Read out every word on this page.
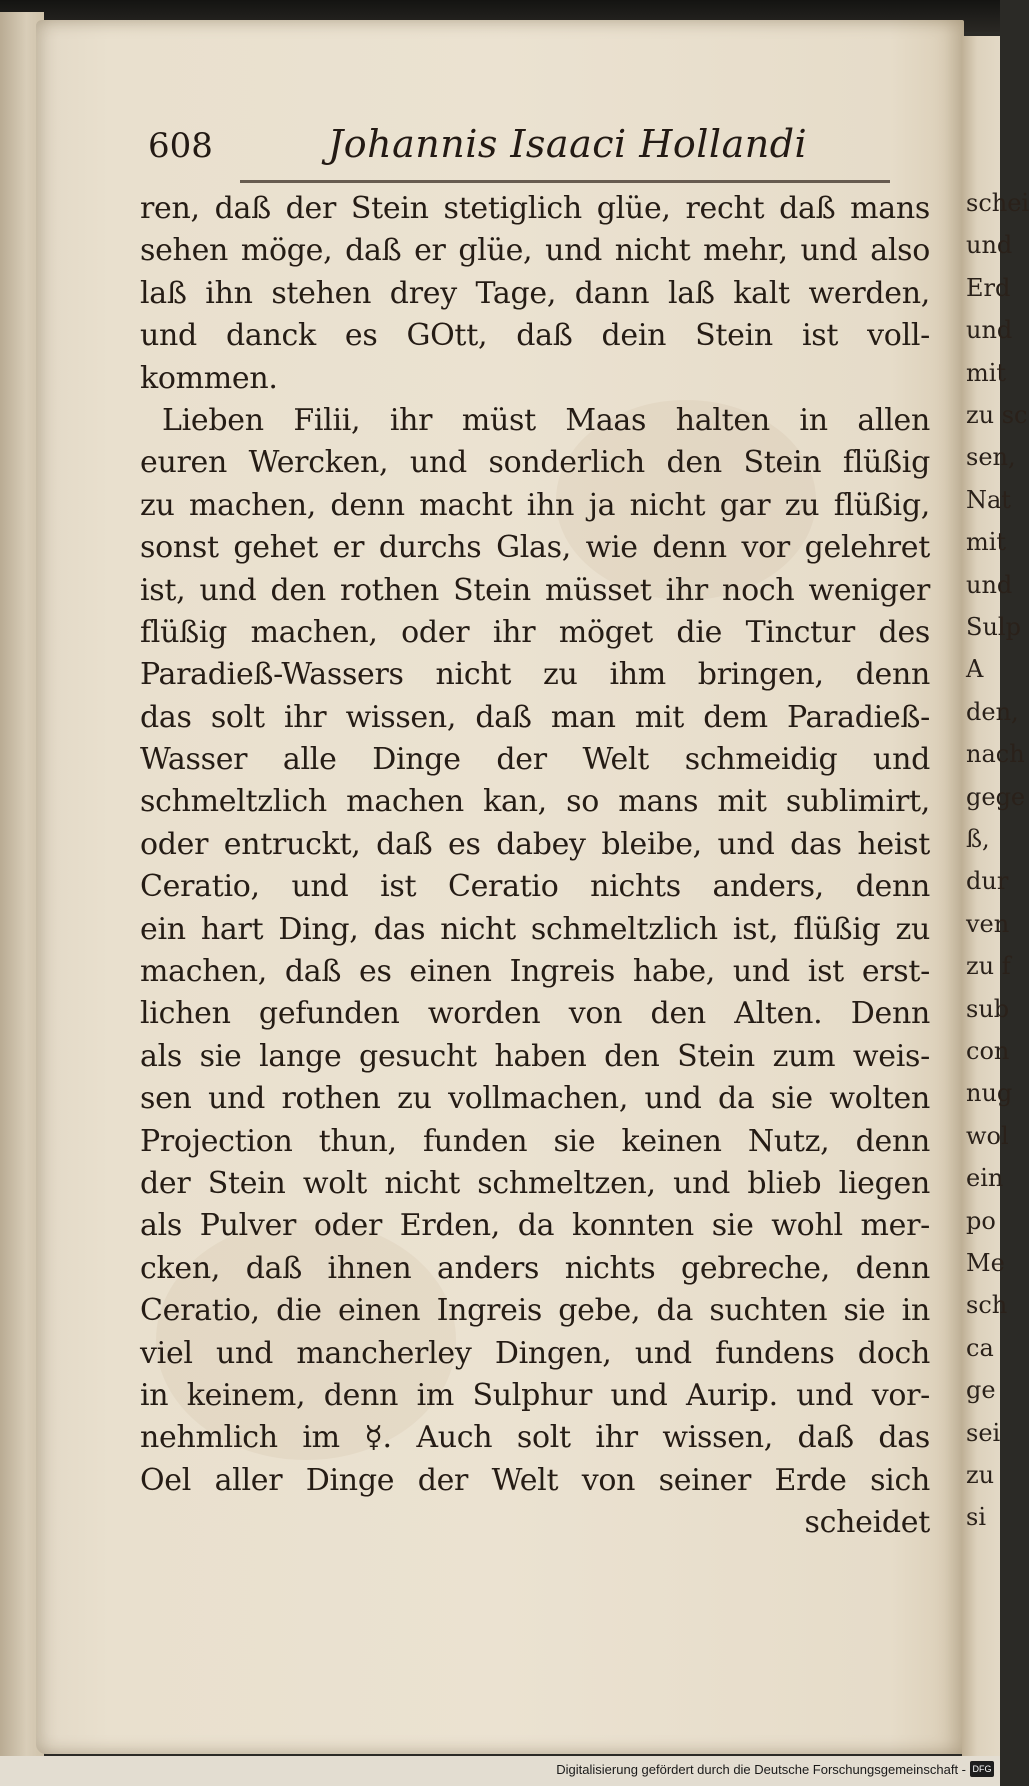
schei
und
Erd
und
mit
zu sc
sen,
Nat
mit
und
Sulp
A
den,
nach
gege
ß,
dur
ven
zu f
sub
con
nug
wol
ein
po
Me
sch
ca
ge
sei
zu
si
608	Johannis Isaaci Hollandi
ren, daß der Stein stetiglich glüe, recht daß mans
sehen möge, daß er glüe, und nicht mehr, und also
laß ihn stehen drey Tage, dann laß kalt werden,
und danck es GOtt, daß dein Stein ist voll-
kommen.
Lieben Filii, ihr müst Maas halten in allen
euren Wercken, und sonderlich den Stein flüßig
zu machen, denn macht ihn ja nicht gar zu flüßig,
sonst gehet er durchs Glas, wie denn vor gelehret
ist, und den rothen Stein müsset ihr noch weniger
flüßig machen, oder ihr möget die Tinctur des
Paradieß-Wassers nicht zu ihm bringen, denn
das solt ihr wissen, daß man mit dem Paradieß-
Wasser alle Dinge der Welt schmeidig und
schmeltzlich machen kan, so mans mit sublimirt,
oder entruckt, daß es dabey bleibe, und das heist
Ceratio, und ist Ceratio nichts anders, denn
ein hart Ding, das nicht schmeltzlich ist, flüßig zu
machen, daß es einen Ingreis habe, und ist erst-
lichen gefunden worden von den Alten. Denn
als sie lange gesucht haben den Stein zum weis-
sen und rothen zu vollmachen, und da sie wolten
Projection thun, funden sie keinen Nutz, denn
der Stein wolt nicht schmeltzen, und blieb liegen
als Pulver oder Erden, da konnten sie wohl mer-
cken, daß ihnen anders nichts gebreche, denn
Ceratio, die einen Ingreis gebe, da suchten sie in
viel und mancherley Dingen, und fundens doch
in keinem, denn im Sulphur und Aurip. und vor-
nehmlich im ☿. Auch solt ihr wissen, daß das
Oel aller Dinge der Welt von seiner Erde sich
scheidet
Digitalisierung gefördert durch die Deutsche Forschungsgemeinschaft - DFG
